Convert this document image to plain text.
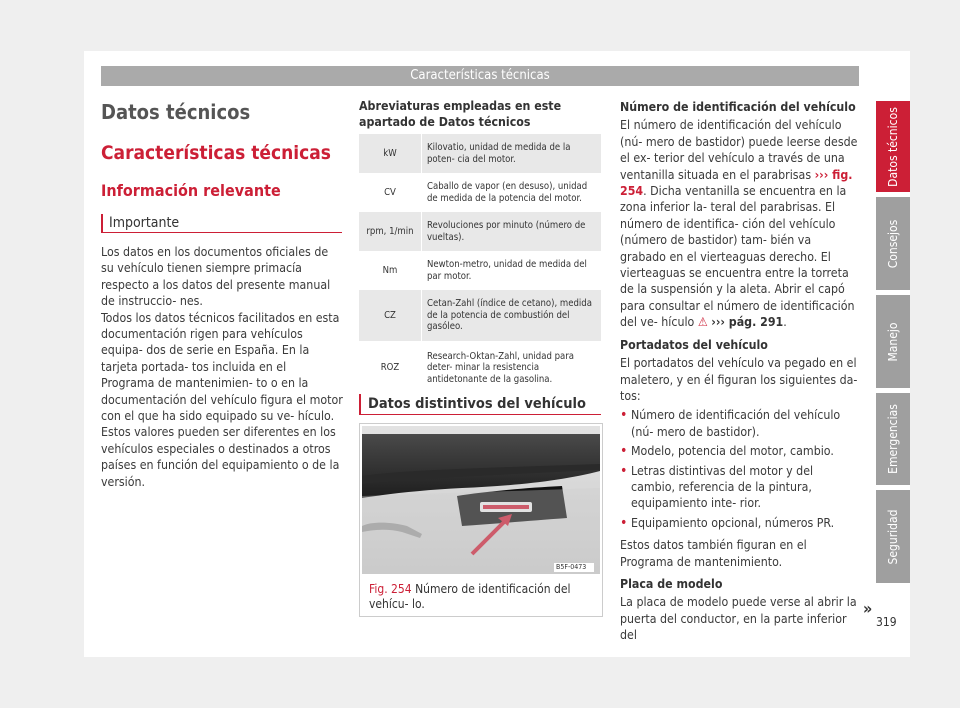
Características técnicas
Datos técnicos
Características técnicas
Información relevante
Importante

Los datos en los documentos oficiales de su vehículo tienen siempre primacía respecto a los datos del presente manual de instruccio- nes.

Todos los datos técnicos facilitados en esta documentación rigen para vehículos equipa- dos de serie en España. En la tarjeta portada- tos incluida en el Programa de mantenimien- to o en la documentación del vehículo figura el motor con el que ha sido equipado su ve- hículo.

Estos valores pueden ser diferentes en los vehículos especiales o destinados a otros países en función del equipamiento o de la versión.

Abreviaturas empleadas en este apartado de Datos técnicos
kW	Kilovatio, unidad de medida de la poten- cia del motor.
CV	Caballo de vapor (en desuso), unidad de medida de la potencia del motor.
rpm, 1/min	Revoluciones por minuto (número de vueltas).
Nm	Newton-metro, unidad de medida del par motor.
CZ	Cetan-Zahl (índice de cetano), medida de la potencia de combustión del gasóleo.
ROZ	Research-Oktan-Zahl, unidad para deter- minar la resistencia antidetonante de la gasolina.
Datos distintivos del vehículo
B5F-0473
Fig. 254 Número de identificación del vehícu- lo.

Número de identificación del vehículo

El número de identificación del vehículo (nú- mero de bastidor) puede leerse desde el ex- terior del vehículo a través de una ventanilla situada en el parabrisas ››› fig. 254. Dicha ventanilla se encuentra en la zona inferior la- teral del parabrisas. El número de identifica- ción del vehículo (número de bastidor) tam- bién va grabado en el vierteaguas derecho. El vierteaguas se encuentra entre la torreta de la suspensión y la aleta. Abrir el capó para consultar el número de identificación del ve- hículo ⚠ ››› pág. 291.

Portadatos del vehículo

El portadatos del vehículo va pegado en el maletero, y en él figuran los siguientes da- tos:

• Número de identificación del vehículo (nú- mero de bastidor).
• Modelo, potencia del motor, cambio.
• Letras distintivas del motor y del cambio, referencia de la pintura, equipamiento inte- rior.
• Equipamiento opcional, números PR.

Estos datos también figuran en el Programa de mantenimiento.

Placa de modelo

La placa de modelo puede verse al abrir la puerta del conductor, en la parte inferior del

»
Datos técnicos
Consejos
Manejo
Emergencias
Seguridad
319
